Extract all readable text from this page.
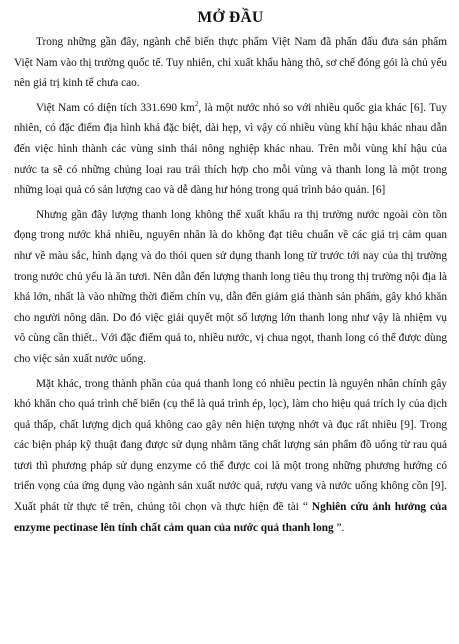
MỞ ĐẦU

Trong những gần đây, ngành chế biến thực phẩm Việt Nam đã phấn đấu đưa sản phẩm Việt Nam vào thị trường quốc tế. Tuy nhiên, chỉ xuất khẩu hàng thô, sơ chế đóng gói là chủ yếu nên giá trị kinh tế chưa cao.

Việt Nam có diện tích 331.690 $km^2$, là một nước nhỏ so với nhiều quốc gia khác [6]. Tuy nhiên, có đặc điểm địa hình khá đặc biệt, dài hẹp, vì vậy có nhiều vùng khí hậu khác nhau dẫn đến việc hình thành các vùng sinh thái nông nghiệp khác nhau. Trên mỗi vùng khí hậu của nước ta sẽ có những chủng loại rau trái thích hợp cho mỗi vùng và thanh long là một trong những loại quả có sản lượng cao và dễ dàng hư hỏng trong quá trình bảo quản. [6]

Nhưng gần đây lượng thanh long không thể xuất khẩu ra thị trường nước ngoài còn tồn đọng trong nước khá nhiều, nguyên nhân là do không đạt tiêu chuẩn về các giá trị cảm quan như về màu sắc, hình dạng và do thói quen sử dụng thanh long từ trước tới nay của thị trường trong nước chủ yếu là ăn tươi. Nên dẫn đến lượng thanh long tiêu thụ trong thị trường nội địa là khá lớn, nhất là vào những thời điểm chín vụ, dẫn đến giảm giá thành sản phẩm, gây khó khăn cho người nông dân. Do đó việc giải quyết một số lượng lớn thanh long như vậy là nhiệm vụ vô cùng cần thiết.. Với đặc điểm quả to, nhiều nước, vị chua ngọt, thanh long có thể được dùng cho việc sản xuất nước uống.

Mặt khác, trong thành phần của quả thanh long có nhiều pectin là nguyên nhân chính gây khó khăn cho quá trình chế biến (cụ thể là quá trình ép, lọc), làm cho hiệu quả trích ly của dịch quả thấp, chất lượng dịch quả không cao gây nên hiện tượng nhớt và đục rất nhiều [9]. Trong các biện pháp kỹ thuật đang được sử dụng nhằm tăng chất lượng sản phẩm đồ uống từ rau quả tươi thì phương pháp sử dụng enzyme có thể được coi là một trong những phương hướng có triển vọng của ứng dụng vào ngành sản xuất nước quả, rượu vang và nước uống không cồn [9]. Xuất phát từ thực tế trên, chúng tôi chọn và thực hiện đề tài “ Nghiên cứu ảnh hưởng của enzyme pectinase lên tính chất cảm quan của nước quả thanh long ”.
